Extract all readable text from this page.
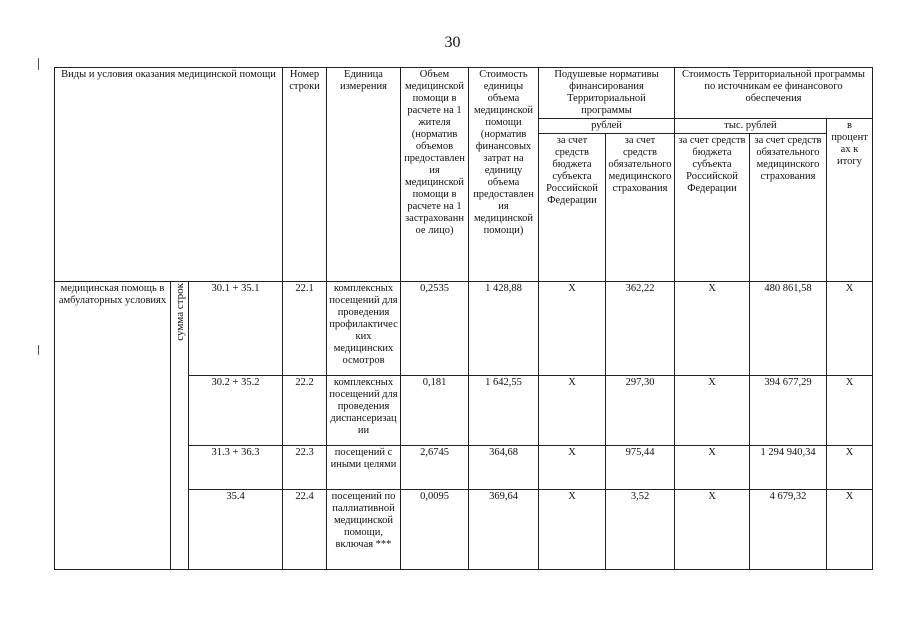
30
Виды и условия оказания медицинской помощи			Номер строки	Единица измерения	Объем медицинской помощи в расчете на 1 жителя (норматив объемов предоставления медицинской помощи в расчете на 1 застрахованное лицо)	Стоимость единицы объема медицинской помощи (норматив финансовых затрат на единицу объема предоставления медицинской помощи)	Подушевые нормативы финансирования Территориальной программы		Стоимость Территориальной программы по источникам ее финансового обеспечения		
							рублей		тыс. рублей		в процентах к итогу
							за счет средств бюджета субъекта Российской Федерации	за счет средств обязательного медицинского страхования	за счет средств бюджета субъекта Российской Федерации	за счет средств обязательного медицинского страхования	
медицинская помощь в амбулаторных условиях	сумма строк	30.1 + 35.1	22.1	комплексных посещений для проведения профилактических медицинских осмотров	0,2535	1 428,88	X	362,22	X	480 861,58	X
		30.2 + 35.2	22.2	комплексных посещений для проведения диспансеризации	0,181	1 642,55	X	297,30	X	394 677,29	X
		31.3 + 36.3	22.3	посещений с иными целями	2,6745	364,68	X	975,44	X	1 294 940,34	X
		35.4	22.4	посещений по паллиативной медицинской помощи, включая ***	0,0095	369,64	X	3,52	X	4 679,32	X
